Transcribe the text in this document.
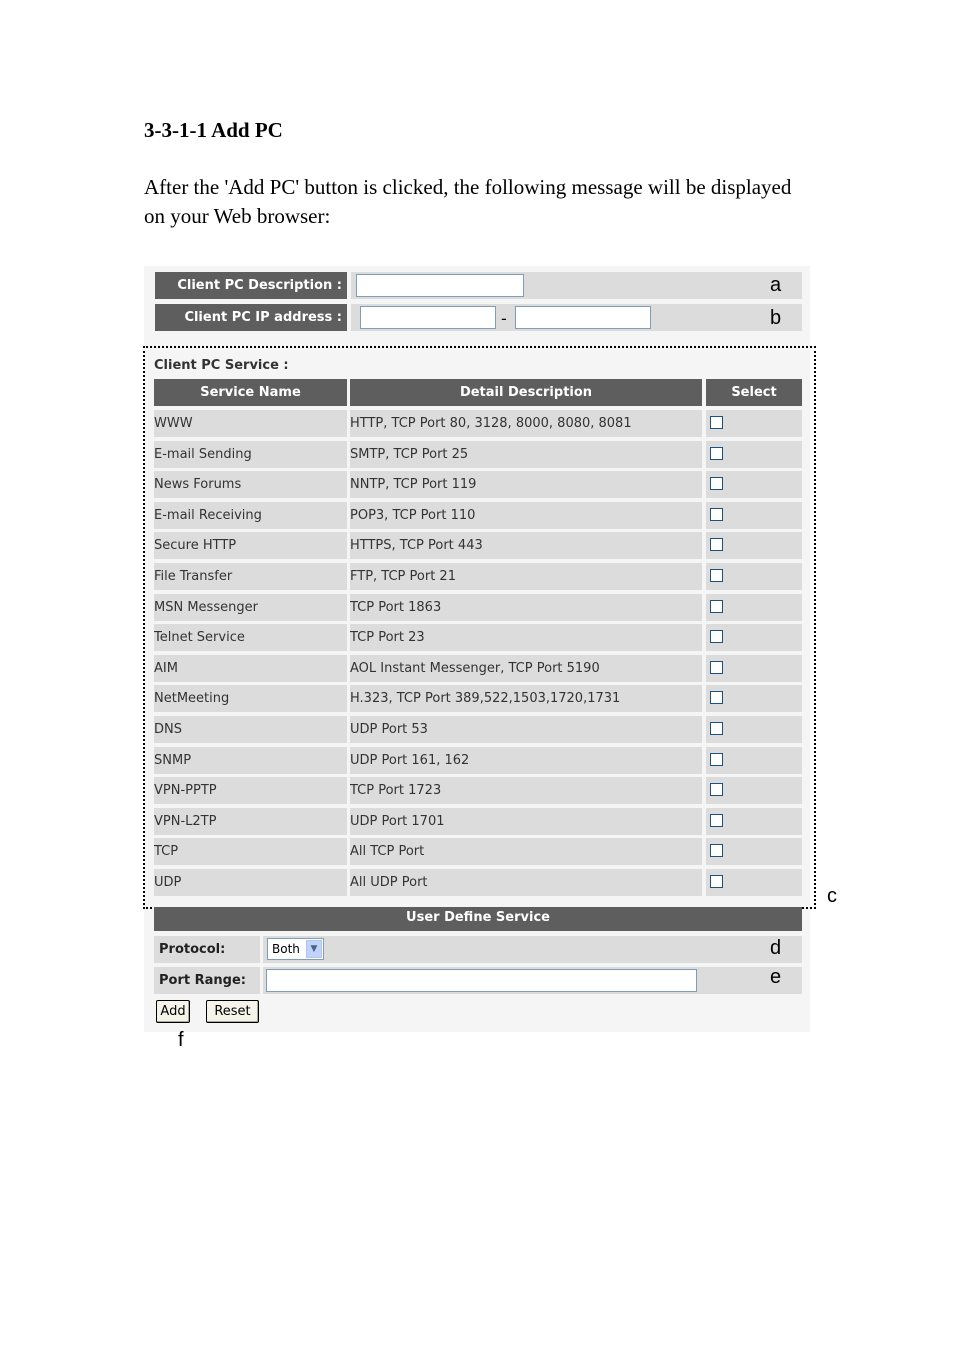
3-3-1-1 Add PC

After the 'Add PC' button is clicked, the following message will be displayed on your Web browser:

Client PC Description :	a
Client PC IP address :	-	b
Client PC Service :
Service Name	Detail Description	Select
WWW	HTTP, TCP Port 80, 3128, 8000, 8080, 8081
E-mail Sending	SMTP, TCP Port 25
News Forums	NNTP, TCP Port 119
E-mail Receiving	POP3, TCP Port 110
Secure HTTP	HTTPS, TCP Port 443
File Transfer	FTP, TCP Port 21
MSN Messenger	TCP Port 1863
Telnet Service	TCP Port 23
AIM	AOL Instant Messenger, TCP Port 5190
NetMeeting	H.323, TCP Port 389,522,1503,1720,1731
DNS	UDP Port 53
SNMP	UDP Port 161, 162
VPN-PPTP	TCP Port 1723
VPN-L2TP	UDP Port 1701
TCP	All TCP Port
UDP	All UDP Port
c
User Define Service
Protocol:	Both	▼	d
Port Range:	e
Add	Reset
f
